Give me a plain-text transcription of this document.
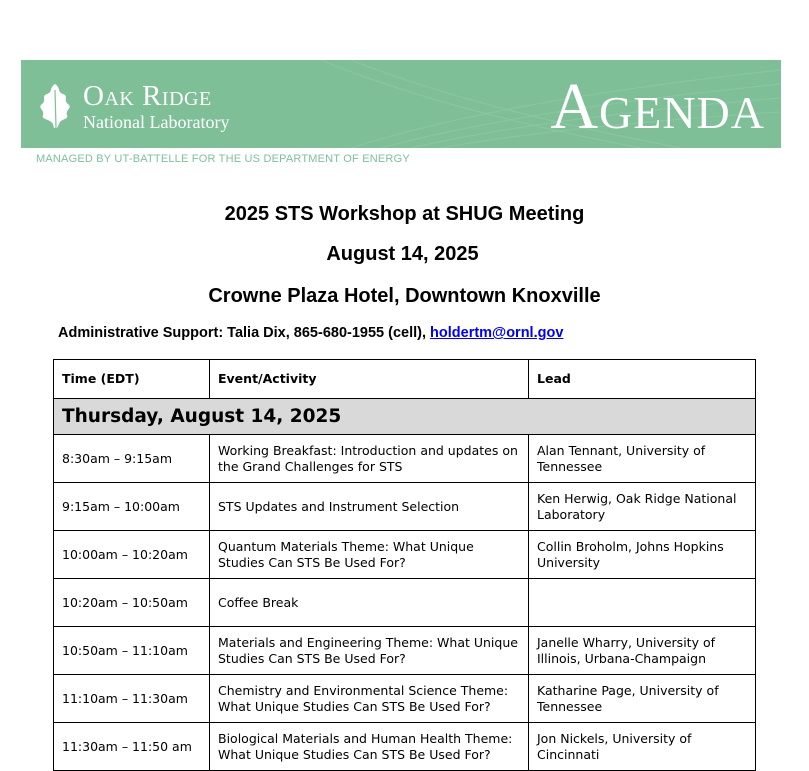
Oak Ridge
National Laboratory	Agenda
MANAGED BY UT-BATTELLE FOR THE US DEPARTMENT OF ENERGY
2025 STS Workshop at SHUG Meeting
August 14, 2025
Crowne Plaza Hotel, Downtown Knoxville
Administrative Support: Talia Dix, 865-680-1955 (cell), holdertm@ornl.gov
Time (EDT)	Event/Activity	Lead
Thursday, August 14, 2025		
8:30am – 9:15am	Working Breakfast: Introduction and updates on the Grand Challenges for STS	Alan Tennant, University of Tennessee
9:15am – 10:00am	STS Updates and Instrument Selection	Ken Herwig, Oak Ridge National Laboratory
10:00am – 10:20am	Quantum Materials Theme: What Unique Studies Can STS Be Used For?	Collin Broholm, Johns Hopkins University
10:20am – 10:50am	Coffee Break	
10:50am – 11:10am	Materials and Engineering Theme: What Unique Studies Can STS Be Used For?	Janelle Wharry, University of Illinois, Urbana-Champaign
11:10am – 11:30am	Chemistry and Environmental Science Theme: What Unique Studies Can STS Be Used For?	Katharine Page, University of Tennessee
11:30am – 11:50 am	Biological Materials and Human Health Theme: What Unique Studies Can STS Be Used For?	Jon Nickels, University of Cincinnati
